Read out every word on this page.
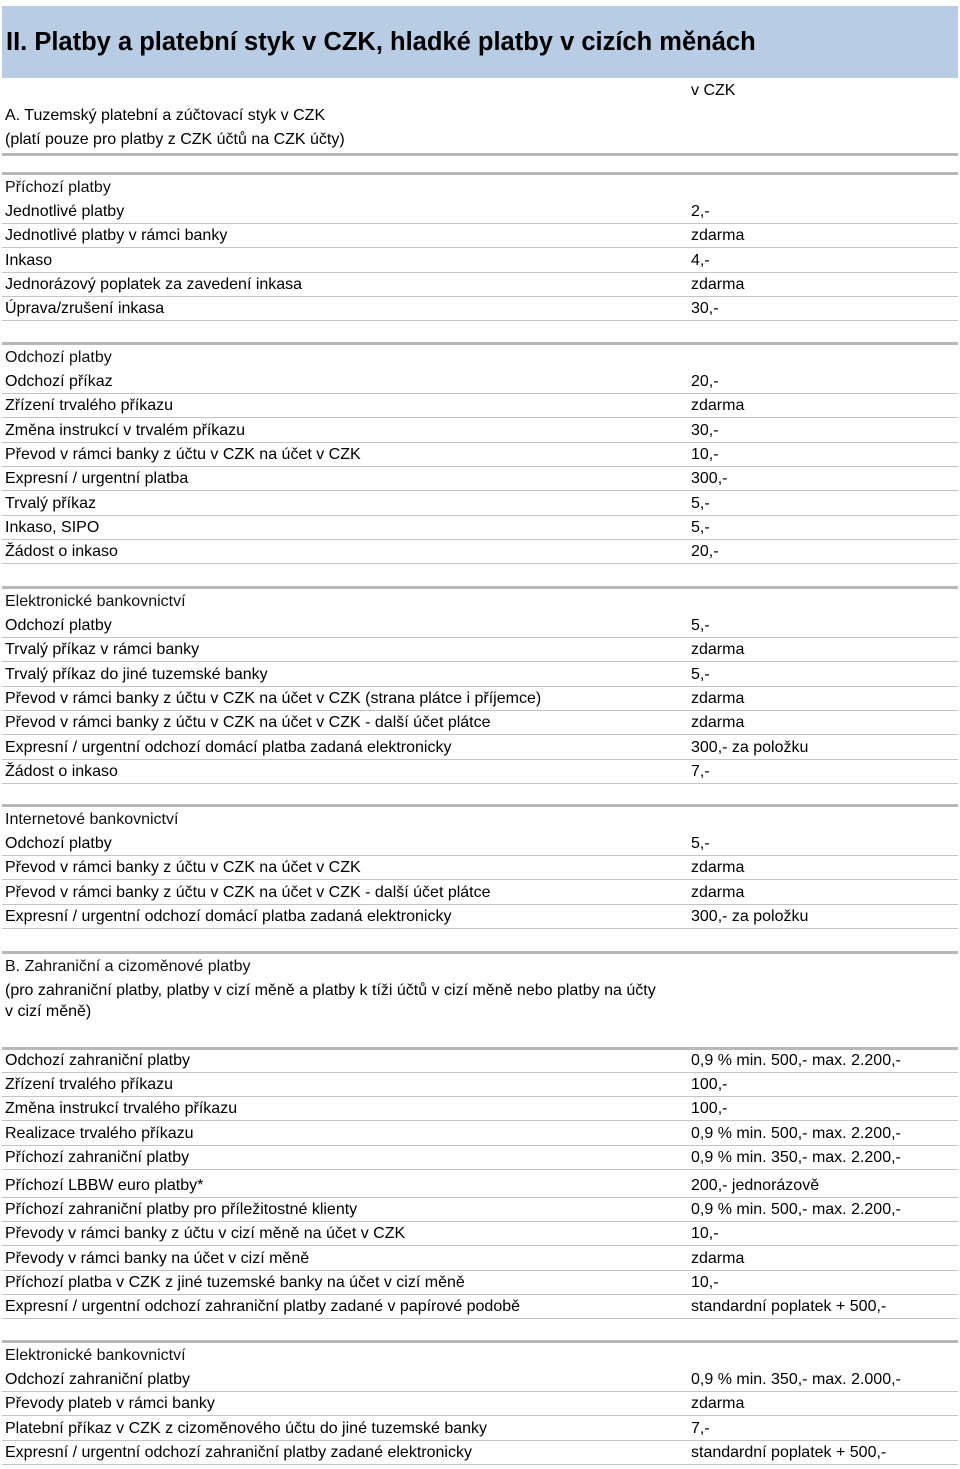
II. Platby a platební styk v CZK, hladké platby v cizích měnách
v CZK
A. Tuzemský platební a zúčtovací styk v CZK
(platí pouze pro platby z CZK účtů na CZK účty)
Příchozí platby
Jednotlivé platby	2,-
Jednotlivé platby v rámci banky	zdarma
Inkaso	4,-
Jednorázový poplatek za zavedení inkasa	zdarma
Úprava/zrušení inkasa	30,-
Odchozí platby
Odchozí příkaz	20,-
Zřízení trvalého příkazu	zdarma
Změna instrukcí v trvalém příkazu	30,-
Převod v rámci banky z účtu v CZK na účet v CZK	10,-
Expresní / urgentní platba	300,-
Trvalý příkaz	5,-
Inkaso, SIPO	5,-
Žádost o inkaso	20,-
Elektronické bankovnictví
Odchozí platby	5,-
Trvalý příkaz v rámci banky	zdarma
Trvalý příkaz do jiné tuzemské banky	5,-
Převod v rámci banky z účtu v CZK na účet v CZK (strana plátce i příjemce)	zdarma
Převod v rámci banky z účtu v CZK na účet v CZK - další účet plátce	zdarma
Expresní / urgentní odchozí domácí platba zadaná elektronicky	300,- za položku
Žádost o inkaso	7,-
Internetové bankovnictví
Odchozí platby	5,-
Převod v rámci banky z účtu v CZK na účet v CZK	zdarma
Převod v rámci banky z účtu v CZK na účet v CZK - další účet plátce	zdarma
Expresní / urgentní odchozí domácí platba zadaná elektronicky	300,- za položku
B. Zahraniční a cizoměnové platby
(pro zahraniční platby, platby v cizí měně a platby k tíži účtů v cizí měně nebo platby na účty
v cizí měně)
Odchozí zahraniční platby	0,9 % min. 500,- max. 2.200,-
Zřízení trvalého příkazu	100,-
Změna instrukcí trvalého příkazu	100,-
Realizace trvalého příkazu	0,9 % min. 500,- max. 2.200,-
Příchozí zahraniční platby	0,9 % min. 350,- max. 2.200,-
Příchozí LBBW euro platby*	200,- jednorázově
Příchozí zahraniční platby pro příležitostné klienty	0,9 % min. 500,- max. 2.200,-
Převody v rámci banky z účtu v cizí měně na účet v CZK	10,-
Převody v rámci banky na účet v cizí měně	zdarma
Příchozí platba v CZK z jiné tuzemské banky na účet v cizí měně	10,-
Expresní / urgentní odchozí zahraniční platby zadané v papírové podobě	standardní poplatek + 500,-
Elektronické bankovnictví
Odchozí zahraniční platby	0,9 % min. 350,- max. 2.000,-
Převody plateb v rámci banky	zdarma
Platební příkaz v CZK z cizoměnového účtu do jiné tuzemské banky	7,-
Expresní / urgentní odchozí zahraniční platby zadané elektronicky	standardní poplatek + 500,-
